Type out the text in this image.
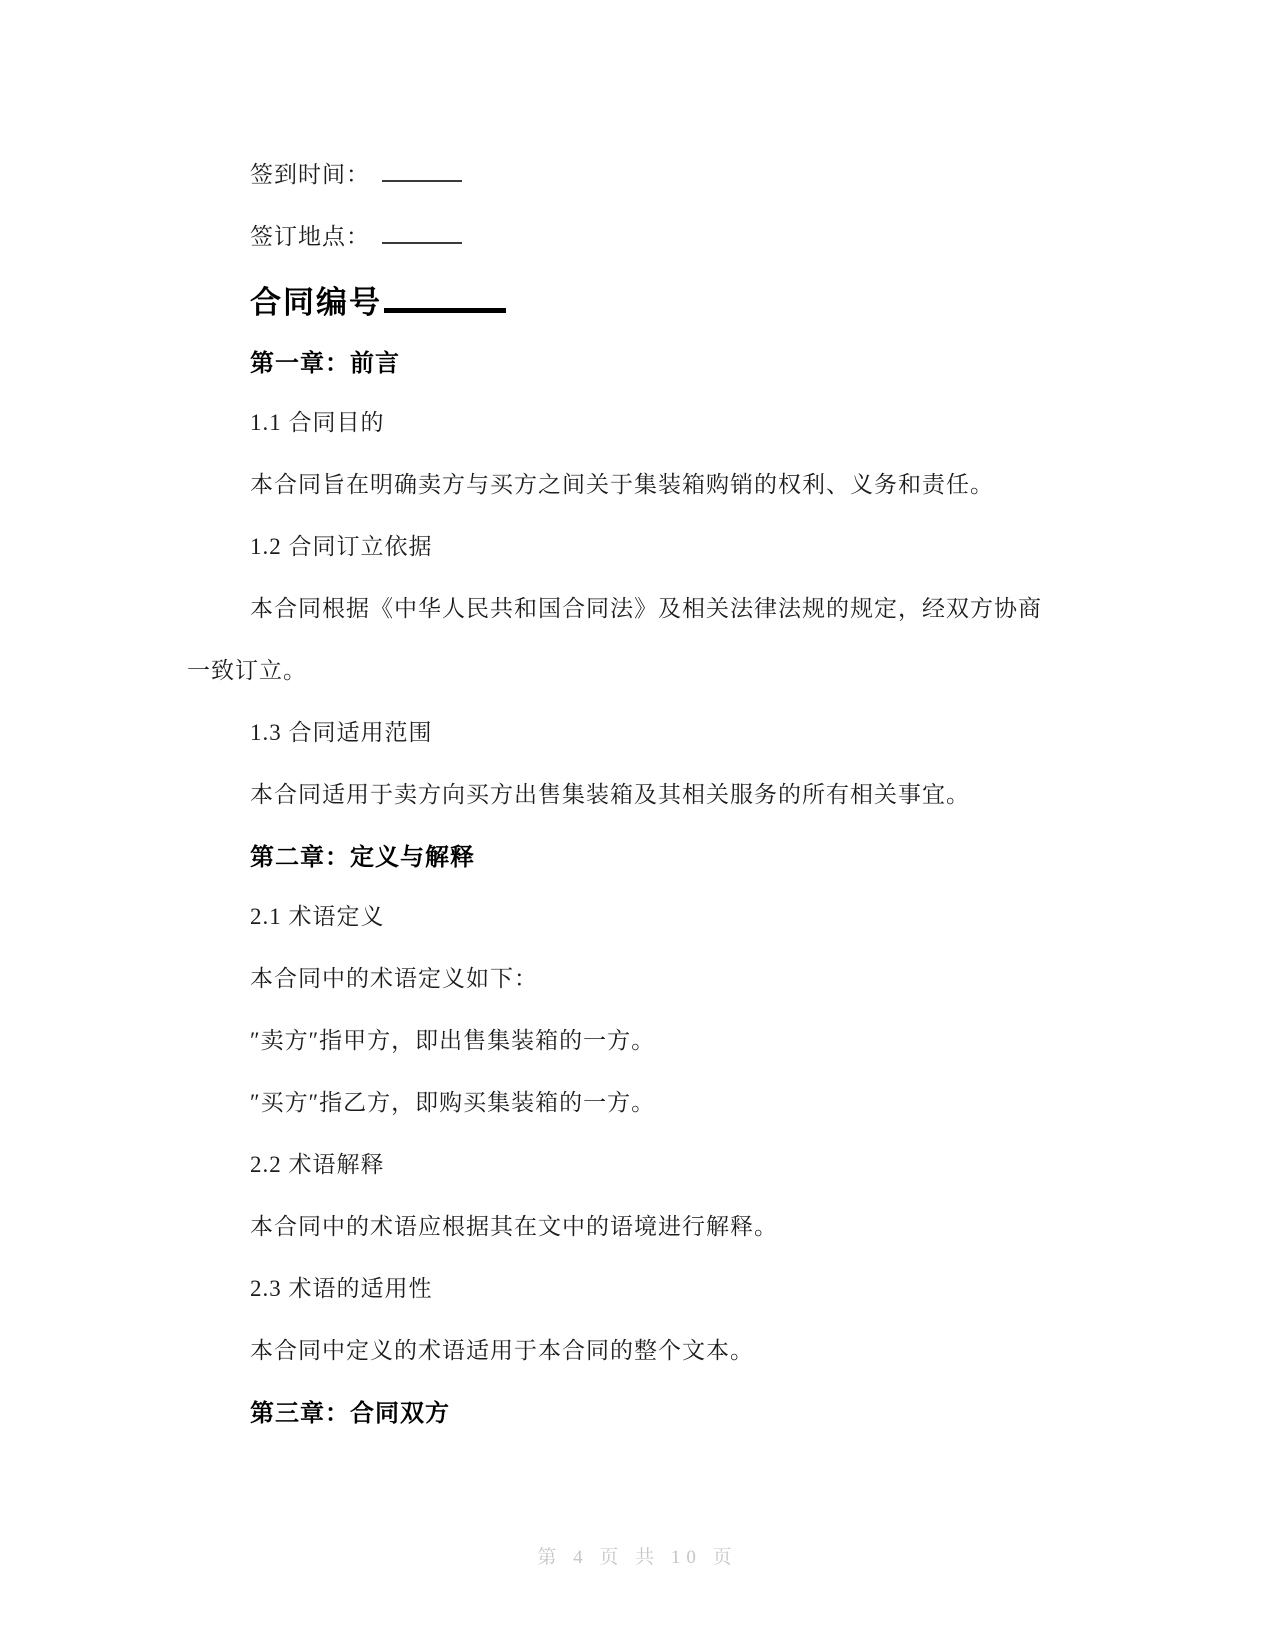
签到时间：
签订地点：
合同编号
第一章：前言
1.1 合同目的
本合同旨在明确卖方与买方之间关于集装箱购销的权利、义务和责任。
1.2 合同订立依据
本合同根据《中华人民共和国合同法》及相关法律法规的规定，经双方协商
一致订立。
1.3 合同适用范围
本合同适用于卖方向买方出售集装箱及其相关服务的所有相关事宜。
第二章：定义与解释
2.1 术语定义
本合同中的术语定义如下：
″卖方″指甲方，即出售集装箱的一方。
″买方″指乙方，即购买集装箱的一方。
2.2 术语解释
本合同中的术语应根据其在文中的语境进行解释。
2.3 术语的适用性
本合同中定义的术语适用于本合同的整个文本。
第三章：合同双方
第 4 页 共 10 页
